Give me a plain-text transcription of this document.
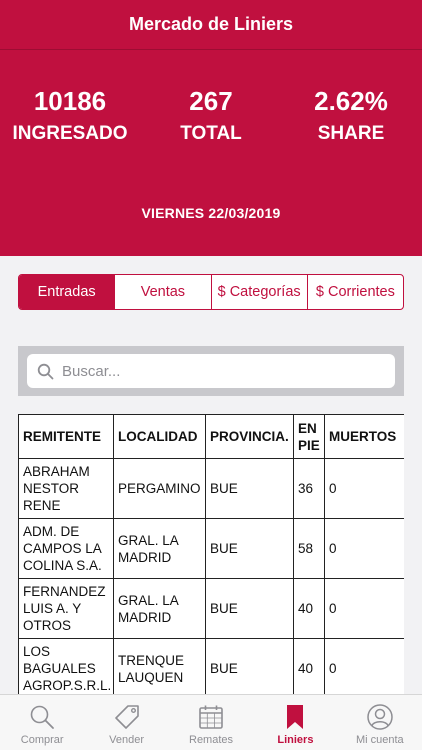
Mercado de Liniers
10186
INGRESADO
267
TOTAL
2.62%
SHARE
VIERNES 22/03/2019
Entradas	Ventas	$ Categorías	$ Corrientes
Buscar...
REMITENTE	LOCALIDAD	PROVINCIA.	EN PIE	MUERTOS
ABRAHAM NESTOR RENE	PERGAMINO	BUE	36	0
ADM. DE CAMPOS LA COLINA S.A.	GRAL. LA MADRID	BUE	58	0
FERNANDEZ LUIS A. Y OTROS	GRAL. LA MADRID	BUE	40	0
LOS BAGUALES AGROP.S.R.L.	TRENQUE LAUQUEN	BUE	40	0
Comprar	Vender	Remates	Liniers	Mi cuenta
